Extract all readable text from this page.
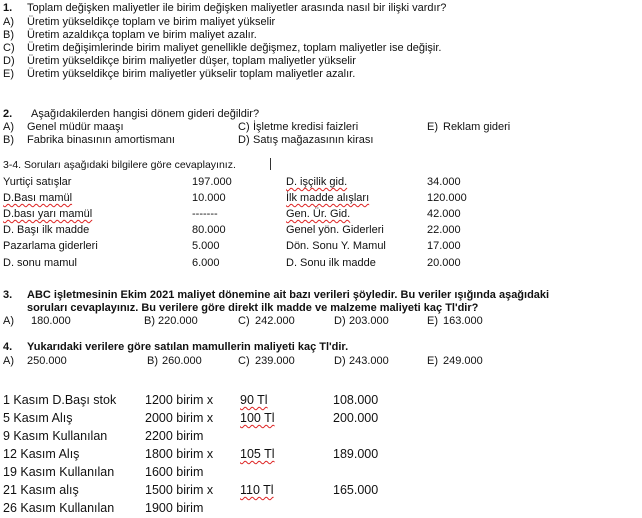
1. Toplam değişken maliyetler ile birim değişken maliyetler arasında nasıl bir ilişki vardır?
A) Üretim yükseldikçe toplam ve birim maliyet yükselir
B) Üretim azaldıkça toplam ve birim maliyet azalır.
C) Üretim değişimlerinde birim maliyet genellikle değişmez, toplam maliyetler ise değişir.
D) Üretim yükseldikçe birim maliyetler düşer, toplam maliyetler yükselir
E) Üretim yükseldikçe birim maliyetler yükselir toplam maliyetler azalır.
2. Aşağıdakilerden hangisi dönem gideri değildir?
A) Genel müdür maaşı
B) Fabrika binasının amortismanı
C) İşletme kredisi faizleri
D) Satış mağazasının kirası
E) Reklam gideri
3-4. Soruları aşağıdaki bilgilere göre cevaplayınız.
Yurtiçi satışlar	197.000	D. işçilik gid.	34.000
D.Bası mamül	10.000	İlk madde alışları	120.000
D.bası yarı mamül	-------	Gen. Ür. Gid.	42.000
D. Başı ilk madde	80.000	Genel yön. Giderleri	22.000
Pazarlama giderleri	5.000	Dön. Sonu Y. Mamul	17.000
D. sonu mamul	6.000	D. Sonu ilk madde	20.000
3. ABC işletmesinin Ekim 2021 maliyet dönemine ait bazı verileri şöyledir. Bu veriler ışığında aşağıdaki
soruları cevaplayınız. Bu verilere göre direkt ilk madde ve malzeme maliyeti kaç Tl'dir?
A) 180.000	B) 220.000	C) 242.000	D) 203.000	E) 163.000
4. Yukarıdaki verilere göre satılan mamullerin maliyeti kaç Tl'dir.
A) 250.000	B) 260.000	C) 239.000	D) 243.000	E) 249.000
1 Kasım D.Başı stok 1200 birim x 90 Tl	108.000
5 Kasım Alış	2000 birim x 100 Tl	200.000
9 Kasım Kullanılan	2200 birim
12 Kasım Alış	1800 birim x 105 Tl	189.000
19 Kasım Kullanılan 1600 birim
21 Kasım alış	1500 birim x 110 Tl	165.000
26 Kasım Kullanılan 1900 birim
